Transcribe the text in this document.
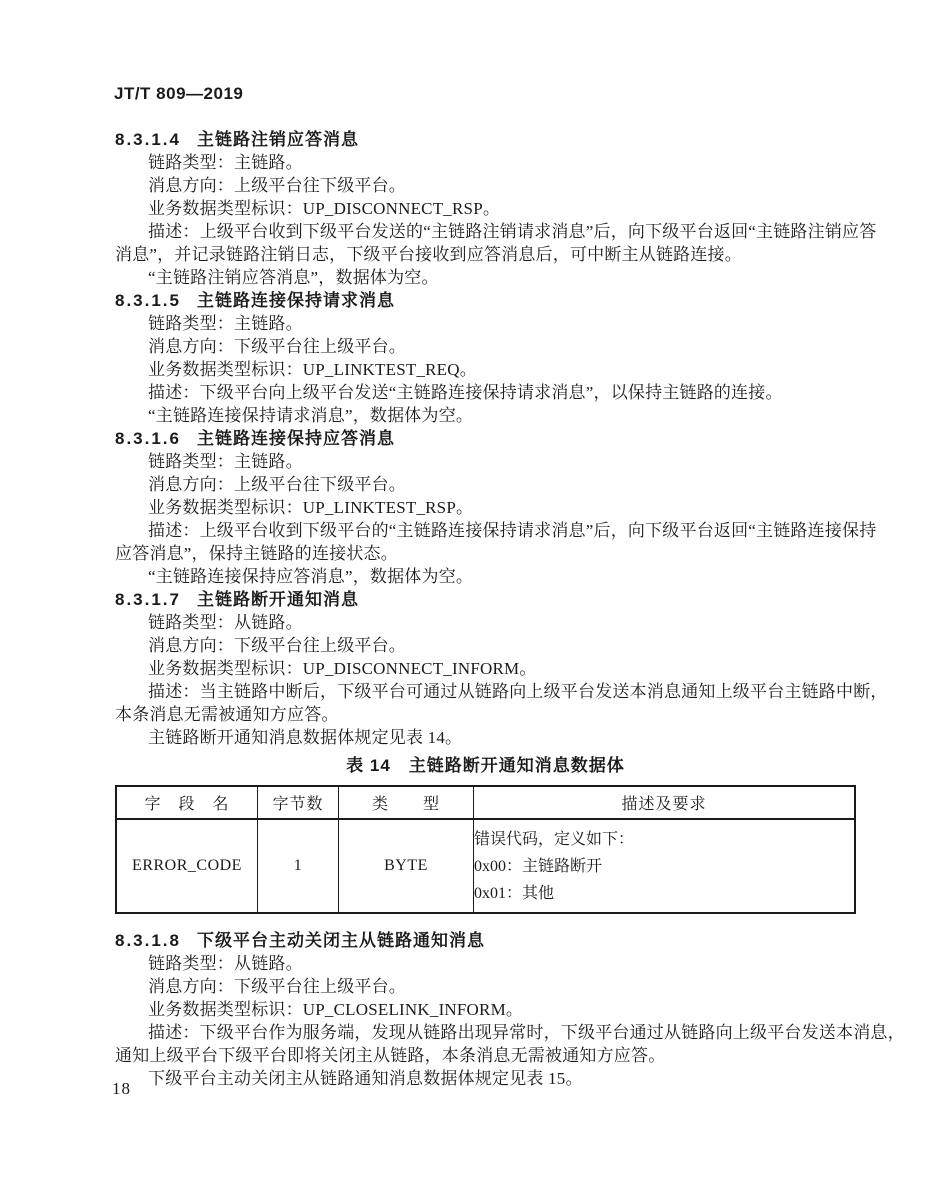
JT/T 809—2019
8.3.1.4 主链路注销应答消息

链路类型：主链路。

消息方向：上级平台往下级平台。

业务数据类型标识：UP_DISCONNECT_RSP。

描述：上级平台收到下级平台发送的“主链路注销请求消息”后，向下级平台返回“主链路注销应答

消息”，并记录链路注销日志，下级平台接收到应答消息后，可中断主从链路连接。

“主链路注销应答消息”，数据体为空。

8.3.1.5 主链路连接保持请求消息

链路类型：主链路。

消息方向：下级平台往上级平台。

业务数据类型标识：UP_LINKTEST_REQ。

描述：下级平台向上级平台发送“主链路连接保持请求消息”，以保持主链路的连接。

“主链路连接保持请求消息”，数据体为空。

8.3.1.6 主链路连接保持应答消息

链路类型：主链路。

消息方向：上级平台往下级平台。

业务数据类型标识：UP_LINKTEST_RSP。

描述：上级平台收到下级平台的“主链路连接保持请求消息”后，向下级平台返回“主链路连接保持

应答消息”，保持主链路的连接状态。

“主链路连接保持应答消息”，数据体为空。

8.3.1.7 主链路断开通知消息

链路类型：从链路。

消息方向：下级平台往上级平台。

业务数据类型标识：UP_DISCONNECT_INFORM。

描述：当主链路中断后，下级平台可通过从链路向上级平台发送本消息通知上级平台主链路中断，

本条消息无需被通知方应答。

主链路断开通知消息数据体规定见表 14。

表 14 主链路断开通知消息数据体
字　段　名	字节数	类　　型	描述及要求
ERROR_CODE	1	BYTE	错误代码，定义如下：
0x00：主链路断开
0x01：其他
8.3.1.8 下级平台主动关闭主从链路通知消息

链路类型：从链路。

消息方向：下级平台往上级平台。

业务数据类型标识：UP_CLOSELINK_INFORM。

描述：下级平台作为服务端，发现从链路出现异常时，下级平台通过从链路向上级平台发送本消息，

通知上级平台下级平台即将关闭主从链路，本条消息无需被通知方应答。

下级平台主动关闭主从链路通知消息数据体规定见表 15。

18
